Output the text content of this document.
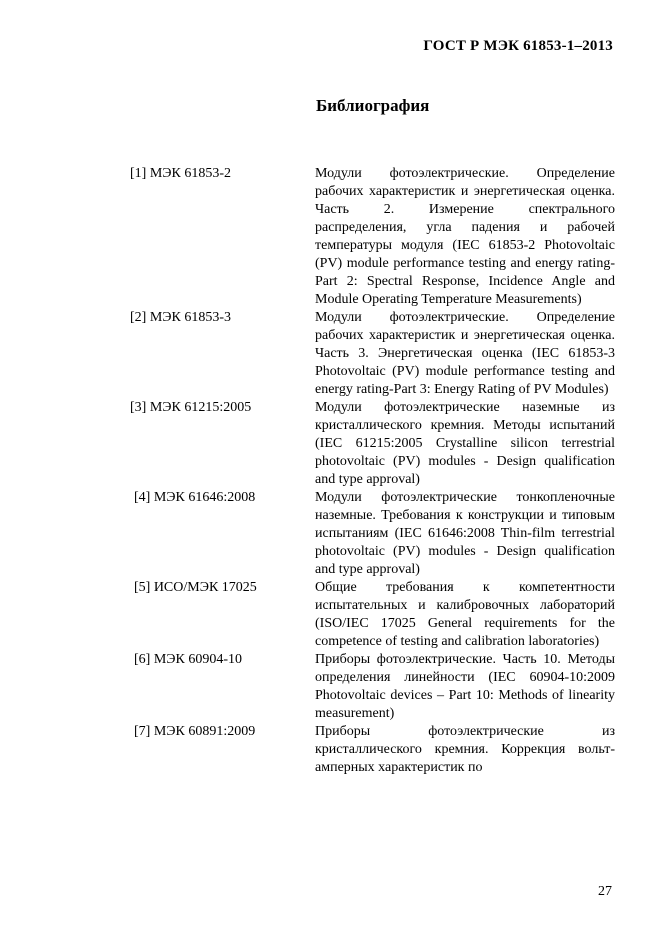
ГОСТ Р МЭК 61853-1–2013
Библиография
[1] МЭК 61853-2	Модули фотоэлектрические. Определение рабочих характеристик и энергетическая оценка. Часть 2. Измерение спектрального распределения, угла падения и рабочей температуры модуля (IEC 61853-2 Photovoltaic (PV) module performance testing and energy rating-Part 2: Spectral Response, Incidence Angle and Module Operating Temperature Measurements)
[2] МЭК 61853-3	Модули фотоэлектрические. Определение рабочих характеристик и энергетическая оценка. Часть 3. Энергетическая оценка (IEC 61853-3 Photovoltaic (PV) module performance testing and energy rating-Part 3: Energy Rating of PV Modules)
[3] МЭК 61215:2005	Модули фотоэлектрические наземные из кристаллического кремния. Методы испытаний (IEC 61215:2005 Crystalline silicon terrestrial photovoltaic (PV) modules - Design qualification and type approval)
[4] МЭК 61646:2008	Модули фотоэлектрические тонкопленочные наземные. Требования к конструкции и типовым испытаниям (IEC 61646:2008 Thin-film terrestrial photovoltaic (PV) modules - Design qualification and type approval)
[5] ИСО/МЭК 17025	Общие требования к компетентности испытательных и калибровочных лабораторий (ISO/IEC 17025 General requirements for the competence of testing and calibration laboratories)
[6] МЭК 60904-10	Приборы фотоэлектрические. Часть 10. Методы определения линейности (IEC 60904-10:2009 Photovoltaic devices – Part 10: Methods of linearity measurement)
[7] МЭК 60891:2009	Приборы фотоэлектрические из кристаллического кремния. Коррекция вольт-амперных характеристик по
27
